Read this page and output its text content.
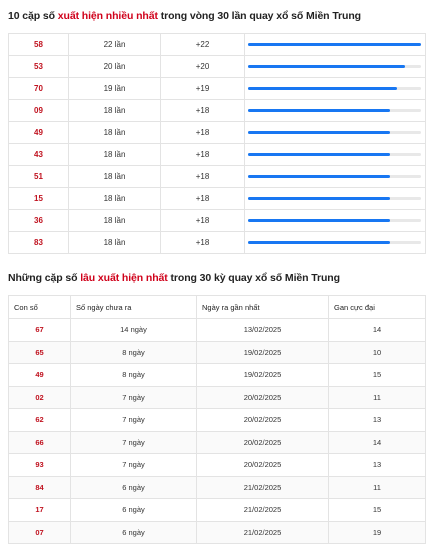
10 cặp số xuất hiện nhiều nhất trong vòng 30 lần quay xổ số Miền Trung
58	22 lần	+22	

53	20 lần	+20	

70	19 lần	+19	

09	18 lần	+18	

49	18 lần	+18	

43	18 lần	+18	

51	18 lần	+18	

15	18 lần	+18	

36	18 lần	+18	

83	18 lần	+18	
Những cặp số lâu xuất hiện nhất trong 30 kỳ quay xổ số Miền Trung
Con số	Số ngày chưa ra	Ngày ra gần nhất	Gan cực đại
67	14 ngày	13/02/2025	14
65	8 ngày	19/02/2025	10
49	8 ngày	19/02/2025	15
02	7 ngày	20/02/2025	11
62	7 ngày	20/02/2025	13
66	7 ngày	20/02/2025	14
93	7 ngày	20/02/2025	13
84	6 ngày	21/02/2025	11
17	6 ngày	21/02/2025	15
07	6 ngày	21/02/2025	19
